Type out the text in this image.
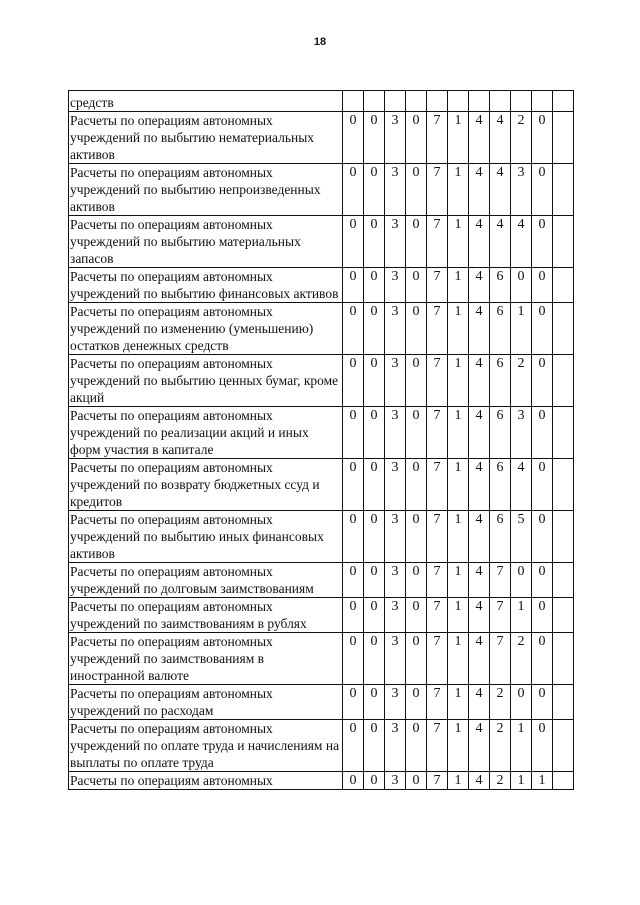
18
средств											
Расчеты по операциям автономных учреждений по выбытию нематериальных активов	0	0	3	0	7	1	4	4	2	0	
Расчеты по операциям автономных учреждений по выбытию непроизведенных активов	0	0	3	0	7	1	4	4	3	0	
Расчеты по операциям автономных учреждений по выбытию материальных запасов	0	0	3	0	7	1	4	4	4	0	
Расчеты по операциям автономных учреждений по выбытию финансовых активов	0	0	3	0	7	1	4	6	0	0	
Расчеты по операциям автономных учреждений по изменению (уменьшению) остатков денежных средств	0	0	3	0	7	1	4	6	1	0	
Расчеты по операциям автономных учреждений по выбытию ценных бумаг, кроме акций	0	0	3	0	7	1	4	6	2	0	
Расчеты по операциям автономных учреждений по реализации акций и иных форм участия в капитале	0	0	3	0	7	1	4	6	3	0	
Расчеты по операциям автономных учреждений по возврату бюджетных ссуд и кредитов	0	0	3	0	7	1	4	6	4	0	
Расчеты по операциям автономных учреждений по выбытию иных финансовых активов	0	0	3	0	7	1	4	6	5	0	
Расчеты по операциям автономных учреждений по долговым заимствованиям	0	0	3	0	7	1	4	7	0	0	
Расчеты по операциям автономных учреждений по заимствованиям в рублях	0	0	3	0	7	1	4	7	1	0	
Расчеты по операциям автономных учреждений по заимствованиям в иностранной валюте	0	0	3	0	7	1	4	7	2	0	
Расчеты по операциям автономных учреждений по расходам	0	0	3	0	7	1	4	2	0	0	
Расчеты по операциям автономных учреждений по оплате труда и начислениям на выплаты по оплате труда	0	0	3	0	7	1	4	2	1	0	
Расчеты по операциям автономных	0	0	3	0	7	1	4	2	1	1	
